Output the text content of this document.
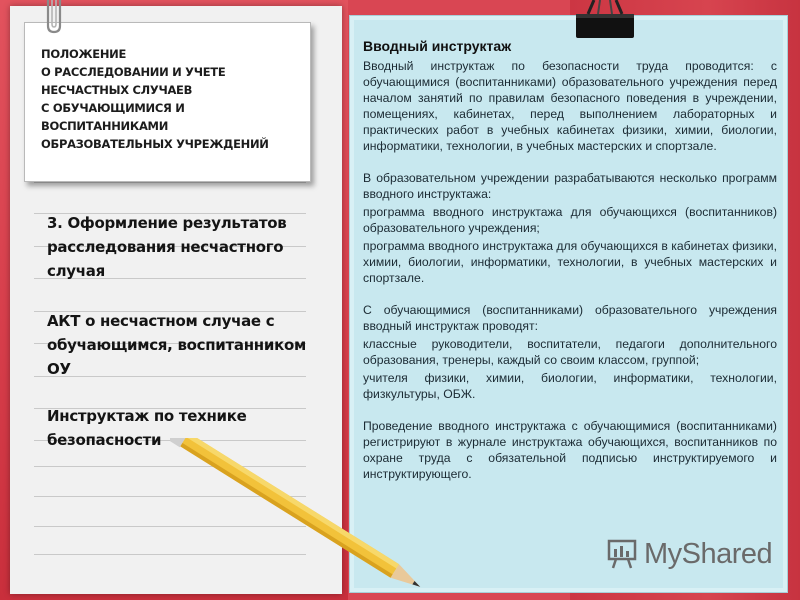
ПОЛОЖЕНИЕ
О РАССЛЕДОВАНИИ И УЧЕТЕ
НЕСЧАСТНЫХ СЛУЧАЕВ
С ОБУЧАЮЩИМИСЯ И
ВОСПИТАННИКАМИ
ОБРАЗОВАТЕЛЬНЫХ УЧРЕЖДЕНИЙ
3. Оформление результатов расследования несчастного случая
АКТ о несчастном случае с обучающимся, воспитанником ОУ
Инструктаж по технике безопасности
Вводный инструктаж

Вводный инструктаж по безопасности труда проводится: с обучающимися (воспитанниками) образовательного учреждения перед началом занятий по правилам безопасного поведения в учреждении, помещениях, кабинетах, перед выполнением лабораторных и практических работ в учебных кабинетах физики, химии, биологии, информатики, технологии, в учебных мастерских и спортзале.

В образовательном учреждении разрабатываются несколько программ вводного инструктажа:

программа вводного инструктажа для обучающихся (воспитанников) образовательного учреждения;

программа вводного инструктажа для обучающихся в кабинетах физики, химии, биологии, информатики, технологии, в учебных мастерских и спортзале.

С обучающимися (воспитанниками) образовательного учреждения вводный инструктаж проводят:

классные руководители, воспитатели, педагоги дополнительного образования, тренеры, каждый со своим классом, группой;

учителя физики, химии, биологии, информатики, технологии, физкультуры, ОБЖ.

Проведение вводного инструктажа с обучающимися (воспитанниками) регистрируют в журнале инструктажа обучающихся, воспитанников по охране труда с обязательной подписью инструктируемого и инструктирующего.

MyShared
